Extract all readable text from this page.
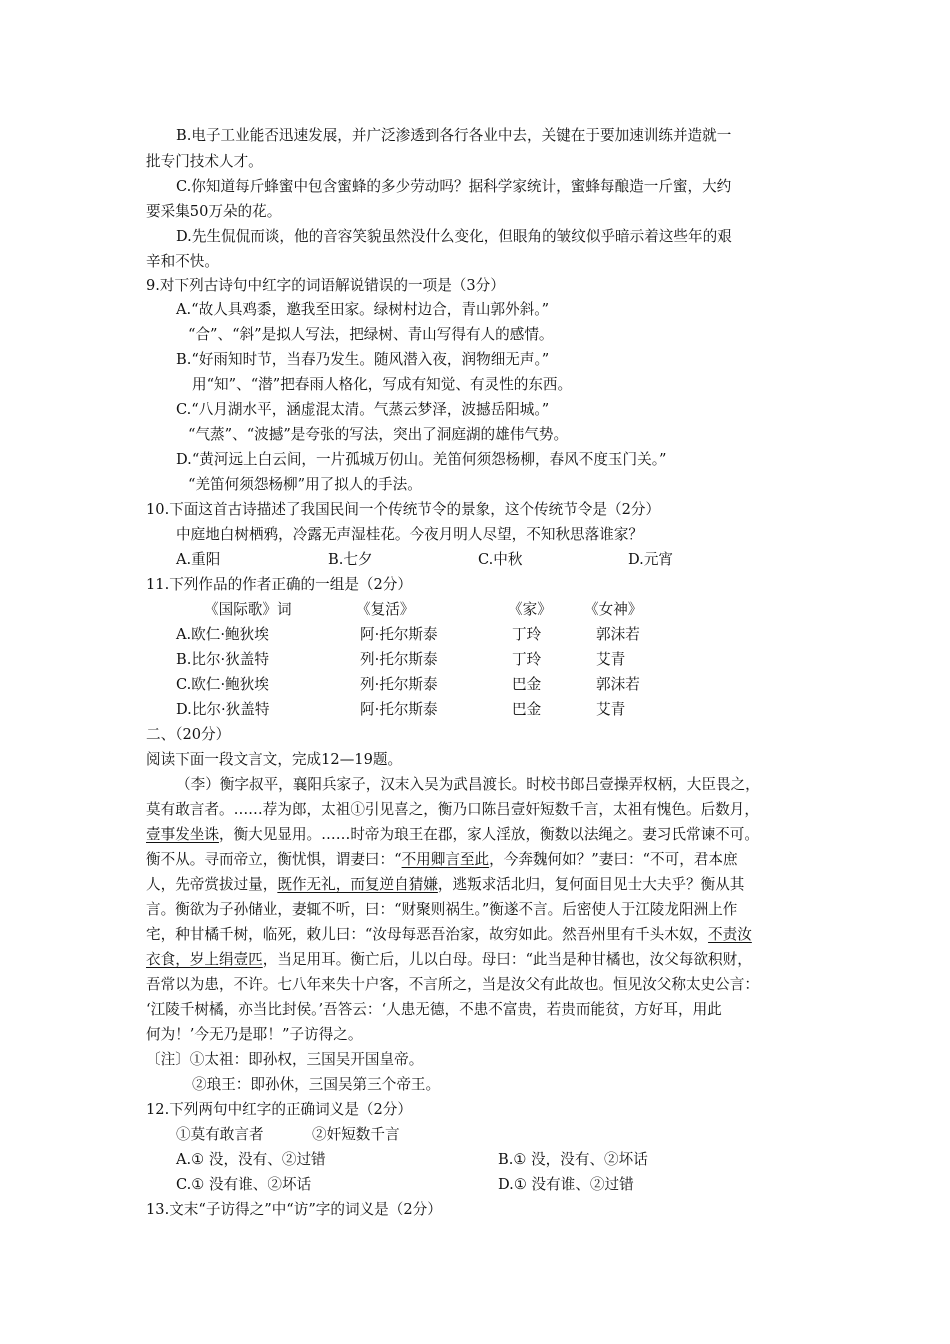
B.电子工业能否迅速发展，并广泛渗透到各行各业中去，关键在于要加速训练并造就一
批专门技术人才。
C.你知道每斤蜂蜜中包含蜜蜂的多少劳动吗？据科学家统计，蜜蜂每酿造一斤蜜，大约
要采集50万朵的花。
D.先生侃侃而谈，他的音容笑貌虽然没什么变化，但眼角的皱纹似乎暗示着这些年的艰
辛和不快。
9.对下列古诗句中红字的词语解说错误的一项是（3分）
A.“故人具鸡黍，邀我至田家。绿树村边合，青山郭外斜。”
“合”、“斜”是拟人写法，把绿树、青山写得有人的感情。
B.“好雨知时节，当春乃发生。随风潜入夜，润物细无声。”
用“知”、“潜”把春雨人格化，写成有知觉、有灵性的东西。
C.“八月湖水平，涵虚混太清。气蒸云梦泽，波撼岳阳城。”
“气蒸”、“波撼”是夸张的写法，突出了洞庭湖的雄伟气势。
D.“黄河远上白云间，一片孤城万仞山。羌笛何须怨杨柳，春风不度玉门关。”
“羌笛何须怨杨柳”用了拟人的手法。
10.下面这首古诗描述了我国民间一个传统节令的景象，这个传统节令是（2分）
中庭地白树栖鸦，冷露无声湿桂花。今夜月明人尽望，不知秋思落谁家？
A.重阳	B.七夕	C.中秋	D.元宵
11.下列作品的作者正确的一组是（2分）
《国际歌》词	《复活》	《家》 《女神》
A.欧仁·鲍狄埃	阿·托尔斯泰	丁玲	郭沫若
B.比尔·狄盖特	列·托尔斯泰	丁玲	艾青
C.欧仁·鲍狄埃	列·托尔斯泰	巴金	郭沫若
D.比尔·狄盖特	阿·托尔斯泰	巴金	艾青
二、（20分）
阅读下面一段文言文，完成12—19题。
（李）衡字叔平，襄阳兵家子，汉末入吴为武昌渡长。时校书郎吕壹操弄权柄，大臣畏之，
莫有敢言者。……荐为郎，太祖①引见喜之，衡乃口陈吕壹奸短数千言，太祖有愧色。后数月，
壹事发坐诛，衡大见显用。……时帝为琅王在郡，家人淫放，衡数以法绳之。妻习氏常谏不可。
衡不从。寻而帝立，衡忧惧，谓妻曰：“不用卿言至此，今奔魏何如？”妻曰：“不可，君本庶
人，先帝赏拔过量，既作无礼，而复逆自猜嫌，逃叛求活北归，复何面目见士大夫乎？衡从其
言。衡欲为子孙储业，妻辄不听，曰：“财聚则祸生。”衡遂不言。后密使人于江陵龙阳洲上作
宅，种甘橘千树，临死，敕儿曰：“汝母每恶吾治家，故穷如此。然吾州里有千头木奴，不责汝
衣食，岁上绢壹匹，当足用耳。衡亡后，儿以白母。母曰：“此当是种甘橘也，汝父每欲积财，
吾常以为患，不许。七八年来失十户客，不言所之，当是汝父有此故也。恒见汝父称太史公言：
‘江陵千树橘，亦当比封侯。’吾答云：‘人患无德，不患不富贵，若贵而能贫，方好耳，用此
何为！’今无乃是耶！”子访得之。
〔注〕①太祖：即孙权，三国吴开国皇帝。
②琅王：即孙休，三国吴第三个帝王。
12.下列两句中红字的正确词义是（2分）
①莫有敢言者	②奸短数千言
A.① 没，没有、②过错	B.① 没，没有、②坏话
C.① 没有谁、②坏话	D.① 没有谁、②过错
13.文末“子访得之”中“访”字的词义是（2分）
